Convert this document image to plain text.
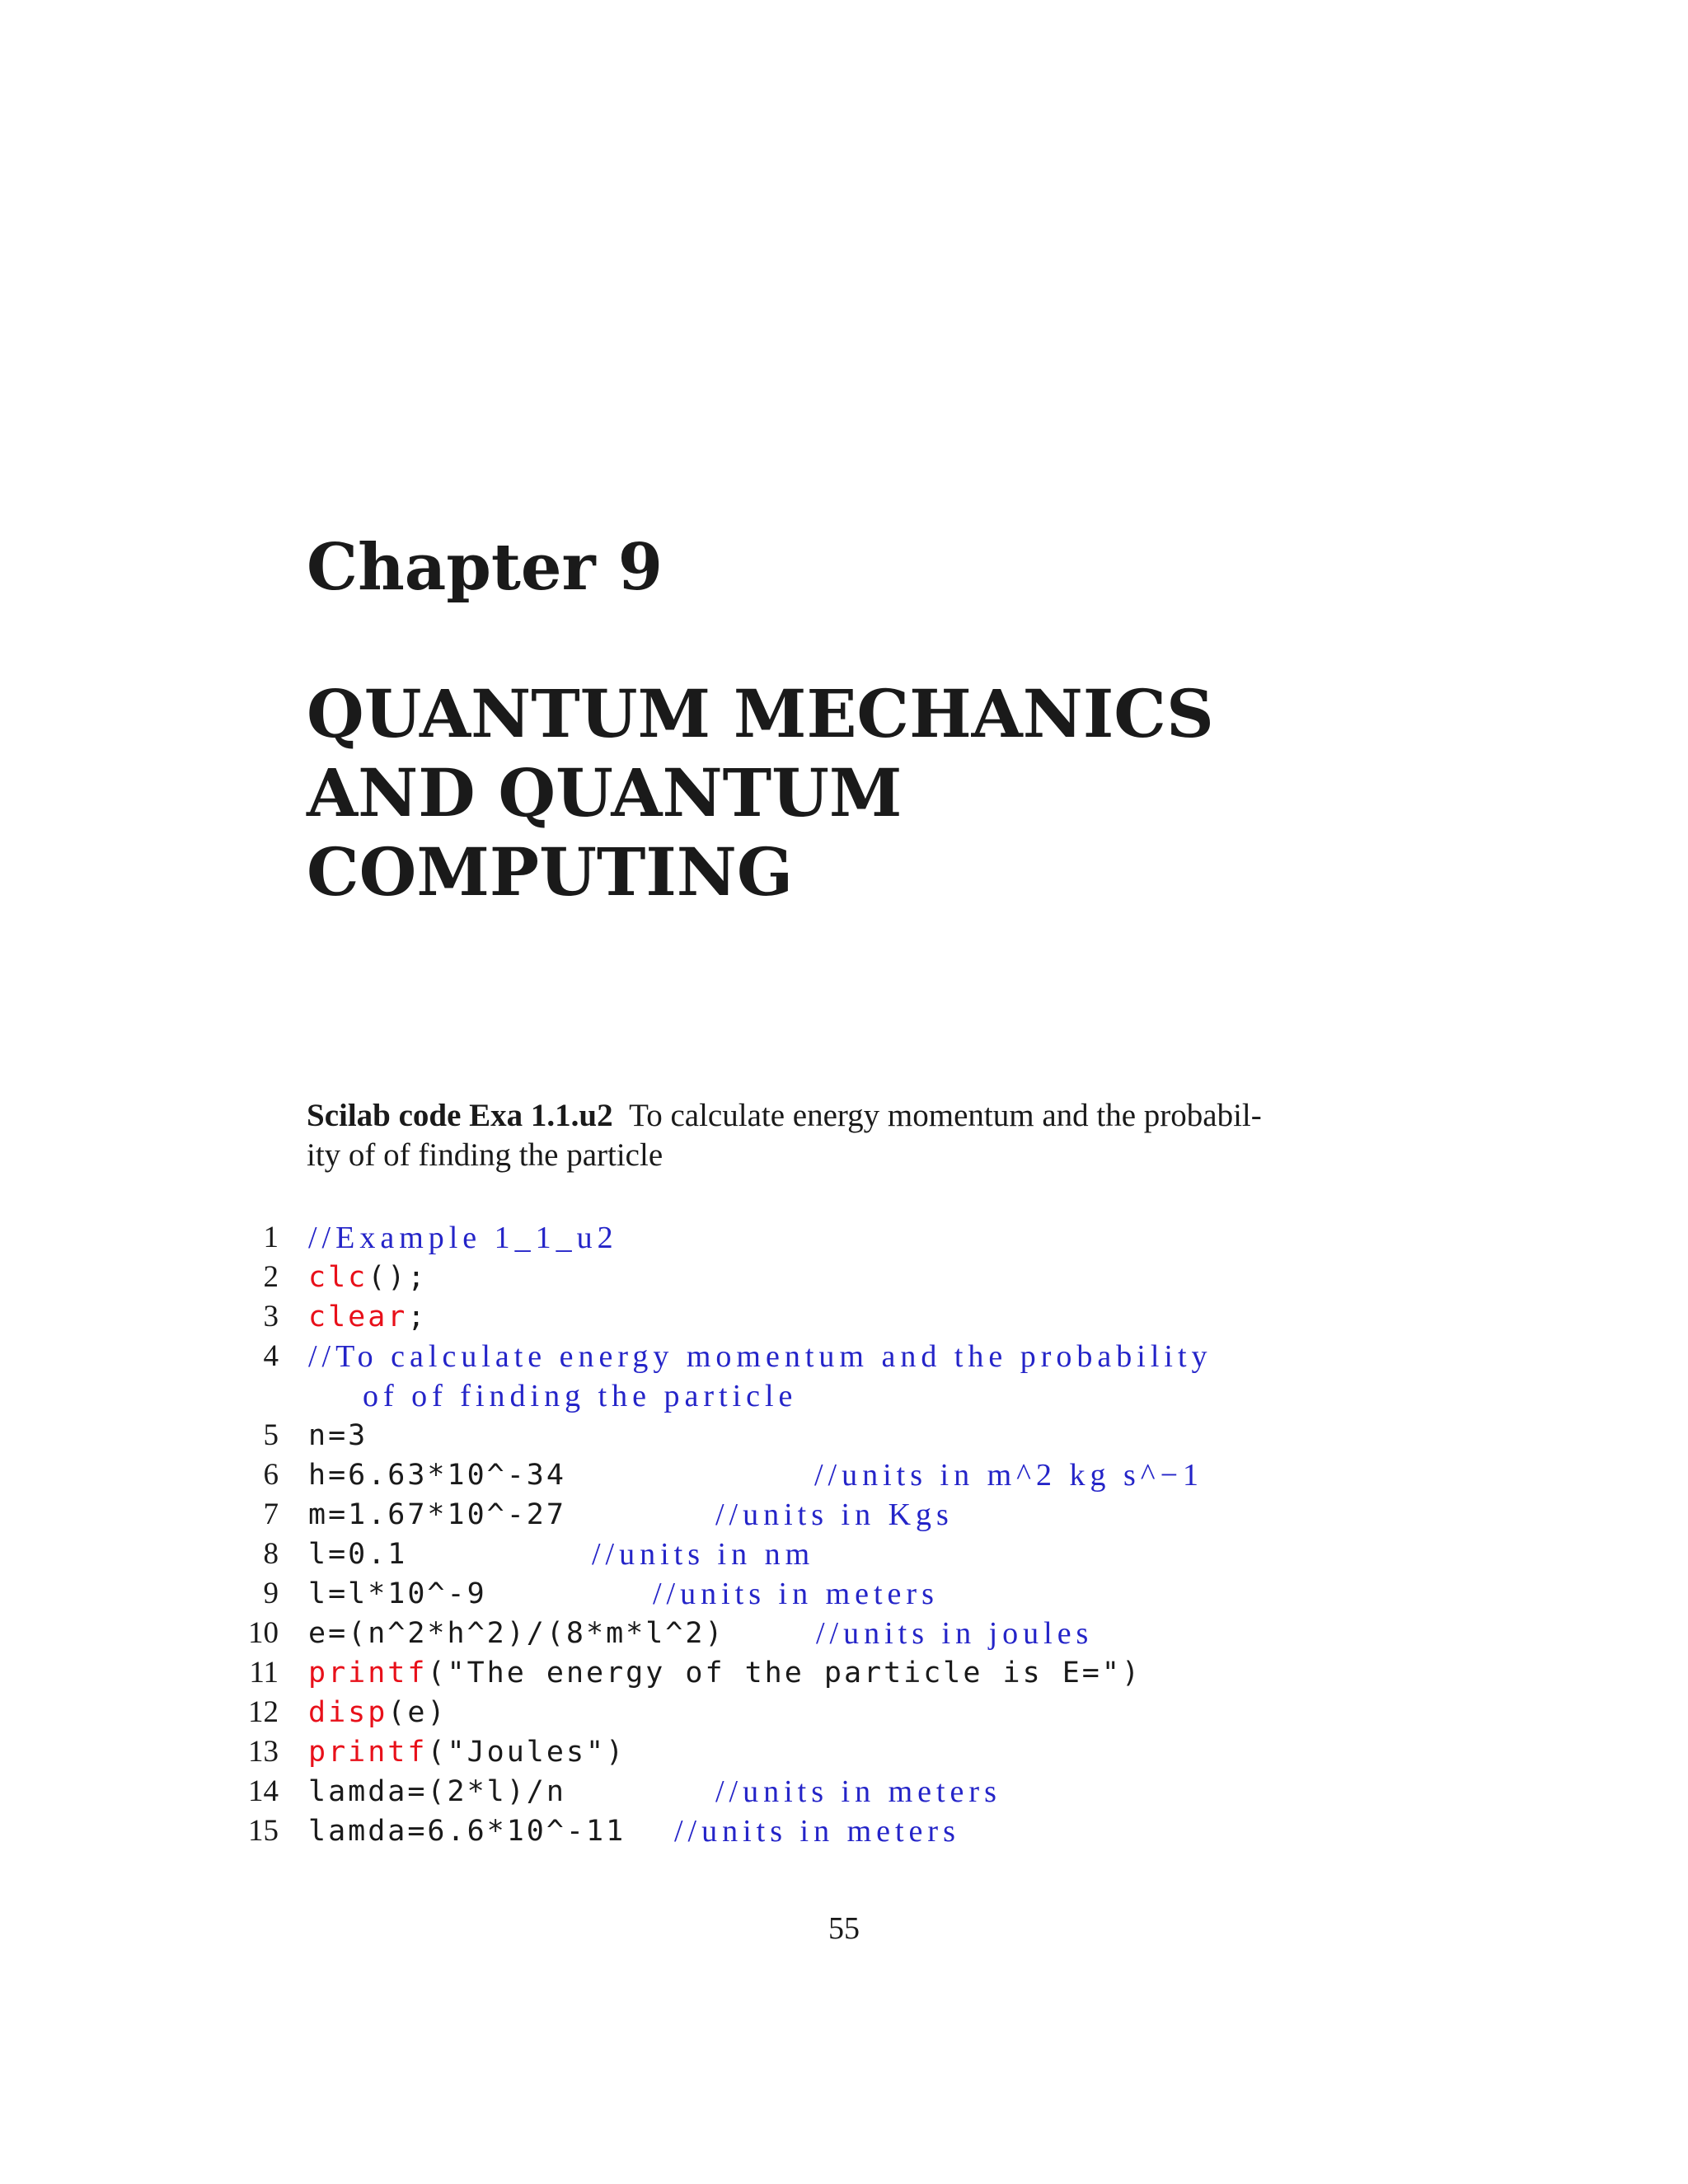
Chapter 9
QUANTUM MECHANICS
AND QUANTUM
COMPUTING

Scilab code Exa 1.1.u2 To calculate energy momentum and the probabil-
ity of of finding the particle

1 //Example 1_1_u2
2 clc ();
3 clear ;
4 //To calculate energy momentum and the probability
of of finding the particle
5 n=3
6 h=6.63*10^-34	//units in m^2 kg s^−1
7 m=1.67*10^-27	//units in Kgs
8 l=0.1	//units in nm
9 l=l*10^-9	//units in meters
10 e=(n^2*h^2)/(8*m*l^2)	//units in joules
11 printf ("The energy of the particle is E=")
12 disp (e)
13 printf ("Joules")
14 lamda=(2*l)/n	//units in meters
15 lamda=6.6*10^-11 //units in meters

55
